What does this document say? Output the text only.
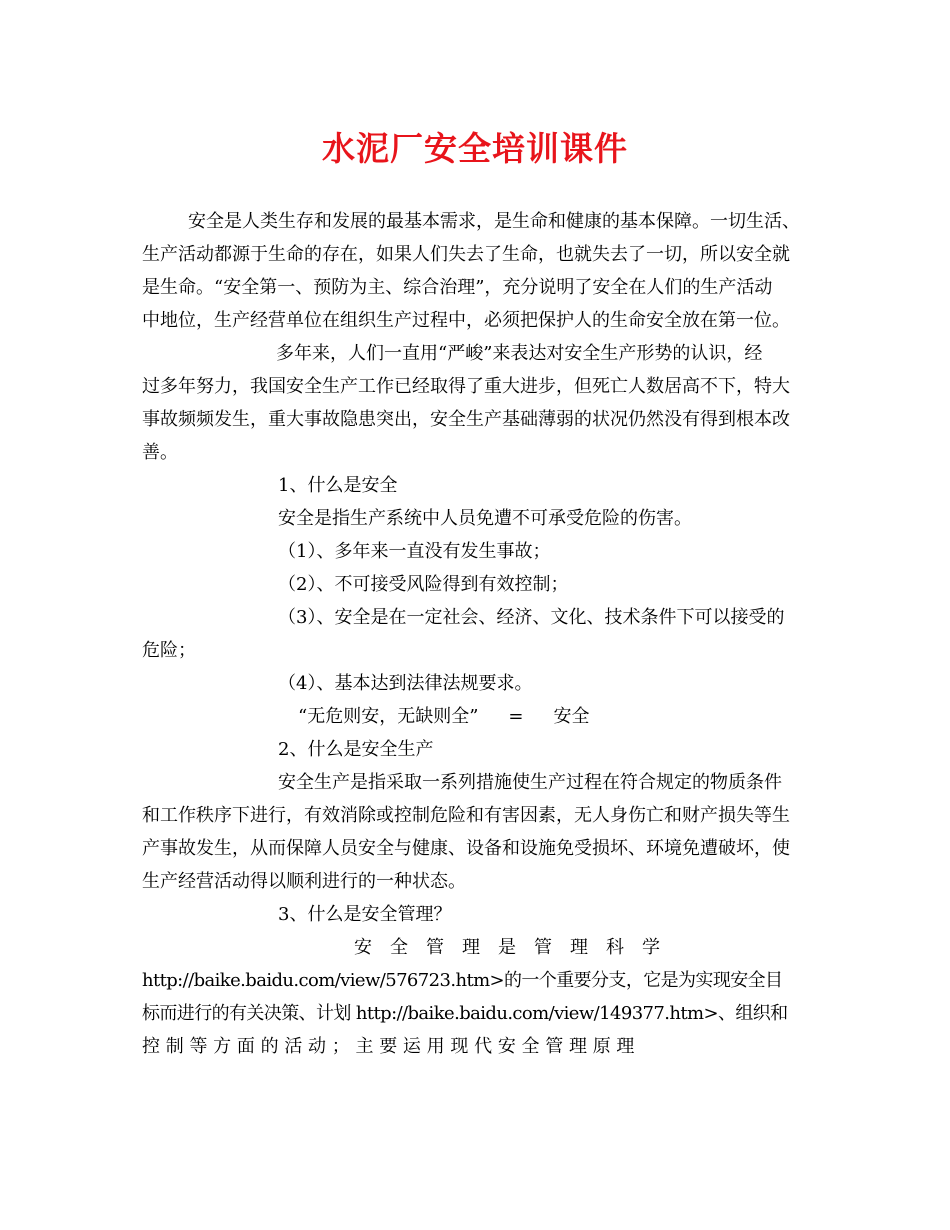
水泥厂安全培训课件
安全是人类生存和发展的最基本需求，是生命和健康的基本保障。一切生活、
生产活动都源于生命的存在，如果人们失去了生命，也就失去了一切，所以安全就
是生命。“安全第一、预防为主、综合治理”，充分说明了安全在人们的生产活动
中地位，生产经营单位在组织生产过程中，必须把保护人的生命安全放在第一位。
多年来，人们一直用“严峻”来表达对安全生产形势的认识，经
过多年努力，我国安全生产工作已经取得了重大进步，但死亡人数居高不下，特大
事故频频发生，重大事故隐患突出，安全生产基础薄弱的状况仍然没有得到根本改
善。
1、什么是安全
安全是指生产系统中人员免遭不可承受危险的伤害。
（1）、多年来一直没有发生事故；
（2）、不可接受风险得到有效控制；
（3）、安全是在一定社会、经济、文化、技术条件下可以接受的
危险；
（4）、基本达到法律法规要求。
“无危则安，无缺则全” = 安全
2、什么是安全生产
安全生产是指采取一系列措施使生产过程在符合规定的物质条件
和工作秩序下进行，有效消除或控制危险和有害因素，无人身伤亡和财产损失等生
产事故发生，从而保障人员安全与健康、设备和设施免受损坏、环境免遭破坏，使
生产经营活动得以顺利进行的一种状态。
3、什么是安全管理？
安　全　管　理　是　管　理　科　学
http://baike.baidu.com/view/576723.htm>的一个重要分支，它是为实现安全目
标而进行的有关决策、计划 http://baike.baidu.com/view/149377.htm>、组织和
控 制 等 方 面 的 活 动 ； 主 要 运 用 现 代 安 全 管 理 原 理
